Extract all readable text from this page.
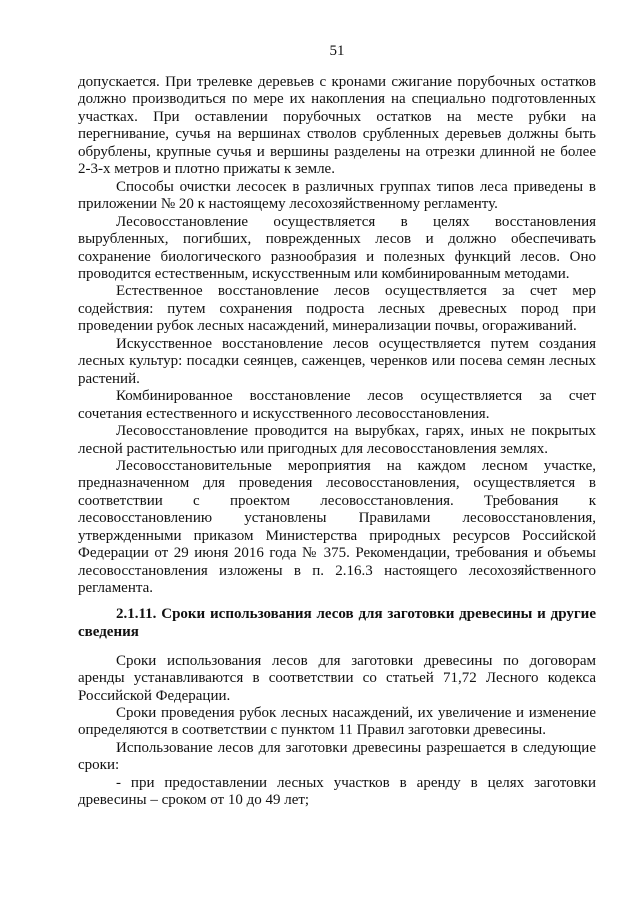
51

допускается. При трелевке деревьев с кронами сжигание порубочных остатков должно производиться по мере их накопления на специально подготовленных участках. При оставлении порубочных остатков на месте рубки на перегнивание, сучья на вершинах стволов срубленных деревьев должны быть обрублены, крупные сучья и вершины разделены на отрезки длинной не более 2-3-х метров и плотно прижаты к земле.

Способы очистки лесосек в различных группах типов леса приведены в приложении № 20 к настоящему лесохозяйственному регламенту.

Лесовосстановление осуществляется в целях восстановления вырубленных, погибших, поврежденных лесов и должно обеспечивать сохранение биологического разнообразия и полезных функций лесов. Оно проводится естественным, искусственным или комбинированным методами.

Естественное восстановление лесов осуществляется за счет мер содействия: путем сохранения подроста лесных древесных пород при проведении рубок лесных насаждений, минерализации почвы, огораживаний.

Искусственное восстановление лесов осуществляется путем создания лесных культур: посадки сеянцев, саженцев, черенков или посева семян лесных растений.

Комбинированное восстановление лесов осуществляется за счет сочетания естественного и искусственного лесовосстановления.

Лесовосстановление проводится на вырубках, гарях, иных не покрытых лесной растительностью или пригодных для лесовосстановления землях.

Лесовосстановительные мероприятия на каждом лесном участке, предназначенном для проведения лесовосстановления, осуществляется в соответствии с проектом лесовосстановления. Требования к лесовосстановлению установлены Правилами лесовосстановления, утвержденными приказом Министерства природных ресурсов Российской Федерации от 29 июня 2016 года № 375. Рекомендации, требования и объемы лесовосстановления изложены в п. 2.16.3 настоящего лесохозяйственного регламента.

2.1.11. Сроки использования лесов для заготовки древесины и другие сведения

Сроки использования лесов для заготовки древесины по договорам аренды устанавливаются в соответствии со статьей 71,72 Лесного кодекса Российской Федерации.

Сроки проведения рубок лесных насаждений, их увеличение и изменение определяются в соответствии с пунктом 11 Правил заготовки древесины.

Использование лесов для заготовки древесины разрешается в следующие сроки:

- при предоставлении лесных участков в аренду в целях заготовки древесины – сроком от 10 до 49 лет;
